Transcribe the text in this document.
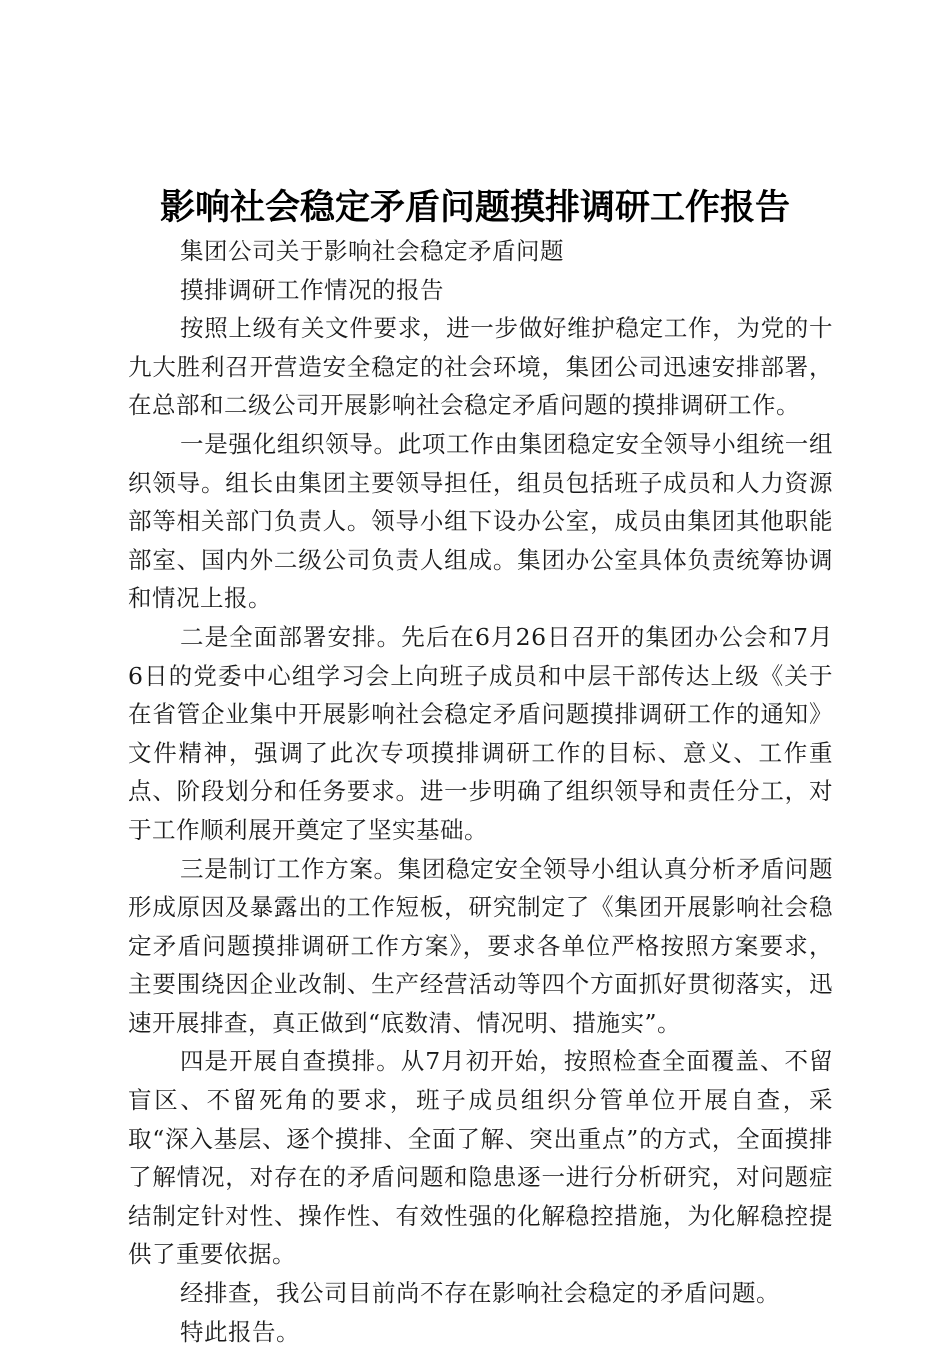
影响社会稳定矛盾问题摸排调研工作报告

集团公司关于影响社会稳定矛盾问题

摸排调研工作情况的报告

按照上级有关文件要求，进一步做好维护稳定工作，为党的十九大胜利召开营造安全稳定的社会环境，集团公司迅速安排部署，在总部和二级公司开展影响社会稳定矛盾问题的摸排调研工作。

一是强化组织领导。此项工作由集团稳定安全领导小组统一组织领导。组长由集团主要领导担任，组员包括班子成员和人力资源部等相关部门负责人。领导小组下设办公室，成员由集团其他职能部室、国内外二级公司负责人组成。集团办公室具体负责统筹协调和情况上报。

二是全面部署安排。先后在6月26日召开的集团办公会和7月6日的党委中心组学习会上向班子成员和中层干部传达上级《关于在省管企业集中开展影响社会稳定矛盾问题摸排调研工作的通知》文件精神，强调了此次专项摸排调研工作的目标、意义、工作重点、阶段划分和任务要求。进一步明确了组织领导和责任分工，对于工作顺利展开奠定了坚实基础。

三是制订工作方案。集团稳定安全领导小组认真分析矛盾问题形成原因及暴露出的工作短板，研究制定了《集团开展影响社会稳定矛盾问题摸排调研工作方案》，要求各单位严格按照方案要求，主要围绕因企业改制、生产经营活动等四个方面抓好贯彻落实，迅速开展排查，真正做到“底数清、情况明、措施实”。

四是开展自查摸排。从7月初开始，按照检查全面覆盖、不留盲区、不留死角的要求，班子成员组织分管单位开展自查，采取“深入基层、逐个摸排、全面了解、突出重点”的方式，全面摸排了解情况，对存在的矛盾问题和隐患逐一进行分析研究，对问题症结制定针对性、操作性、有效性强的化解稳控措施，为化解稳控提供了重要依据。

经排查，我公司目前尚不存在影响社会稳定的矛盾问题。

特此报告。
